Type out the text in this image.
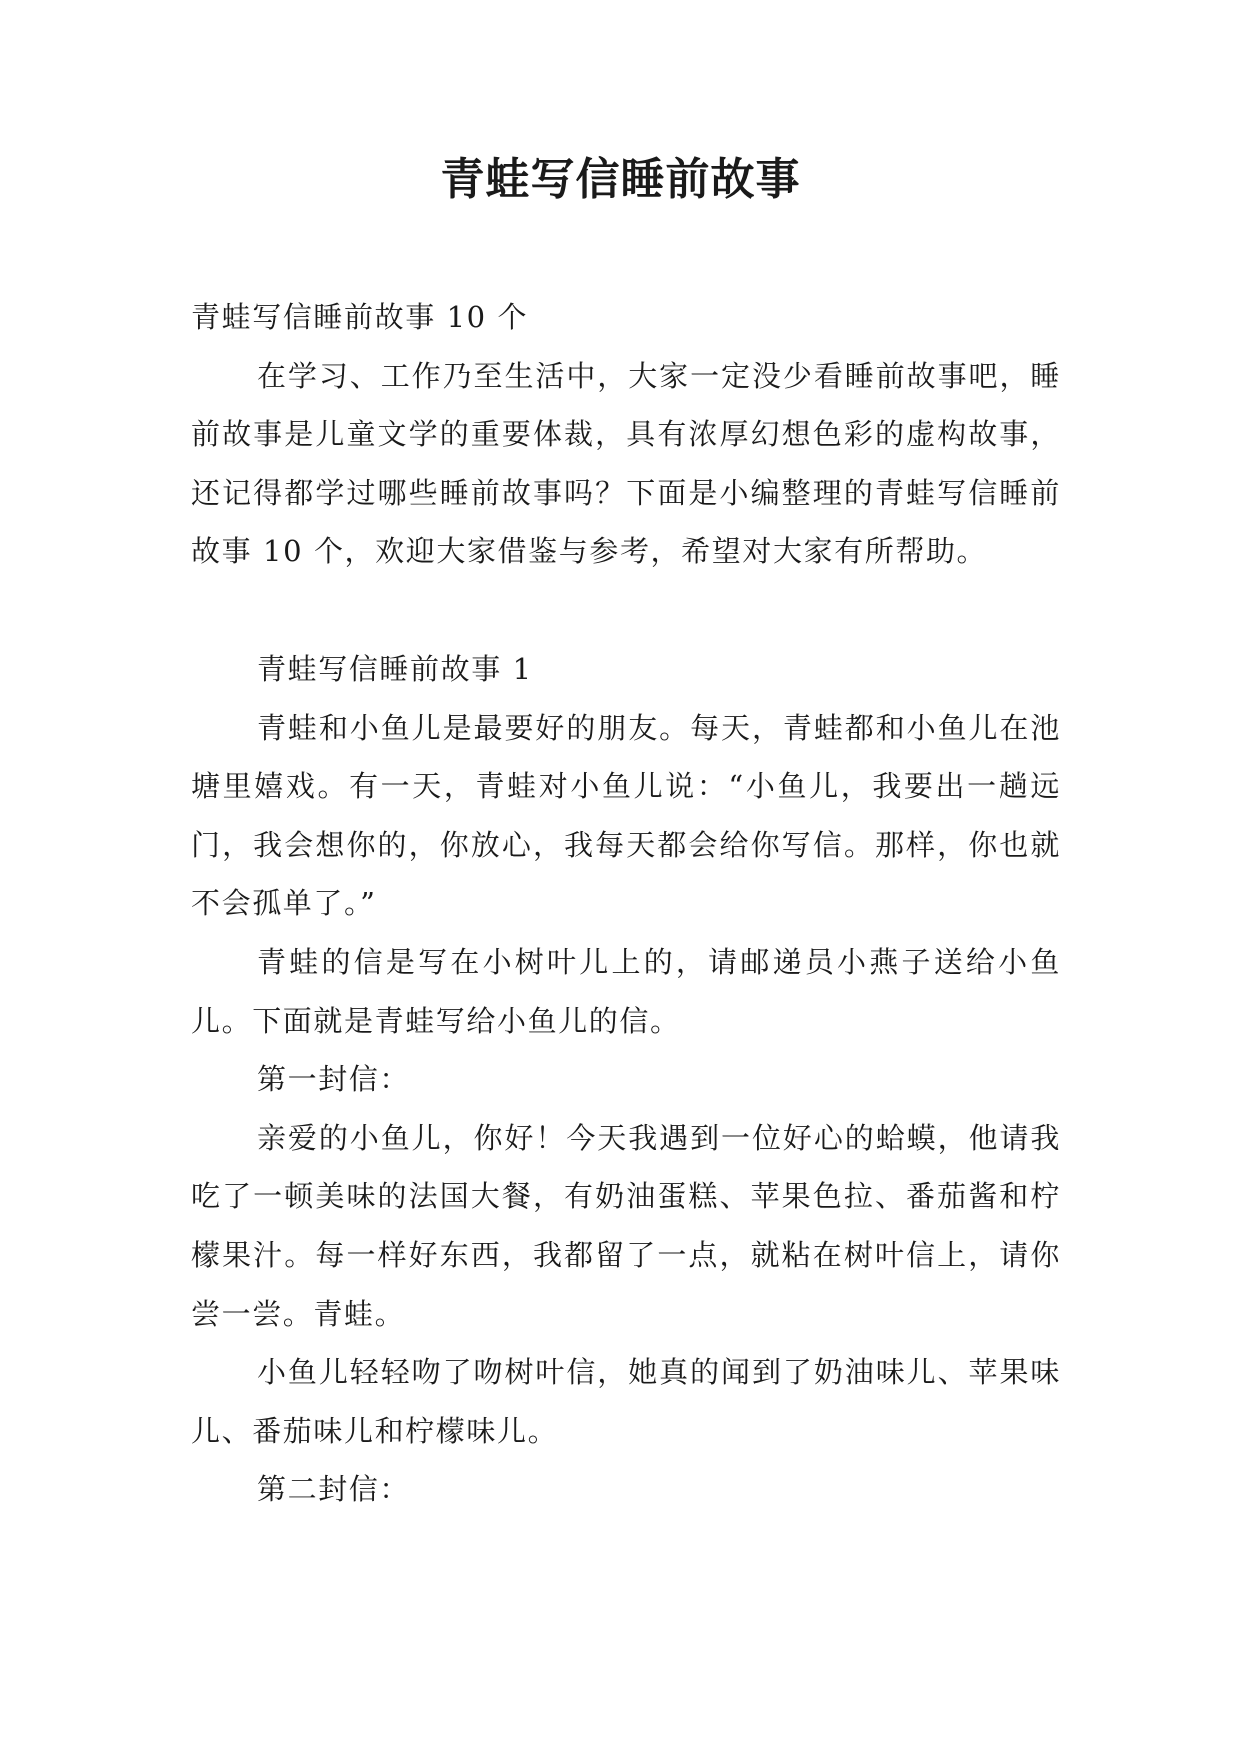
青蛙写信睡前故事

青蛙写信睡前故事 10 个

在学习、工作乃至生活中，大家一定没少看睡前故事吧，睡前故事是儿童文学的重要体裁，具有浓厚幻想色彩的虚构故事，还记得都学过哪些睡前故事吗？下面是小编整理的青蛙写信睡前故事 10 个，欢迎大家借鉴与参考，希望对大家有所帮助。

青蛙写信睡前故事 1

青蛙和小鱼儿是最要好的朋友。每天，青蛙都和小鱼儿在池塘里嬉戏。有一天，青蛙对小鱼儿说：“小鱼儿，我要出一趟远门，我会想你的，你放心，我每天都会给你写信。那样，你也就不会孤单了。”

青蛙的信是写在小树叶儿上的，请邮递员小燕子送给小鱼儿。下面就是青蛙写给小鱼儿的信。

第一封信：

亲爱的小鱼儿，你好！今天我遇到一位好心的蛤蟆，他请我吃了一顿美味的法国大餐，有奶油蛋糕、苹果色拉、番茄酱和柠檬果汁。每一样好东西，我都留了一点，就粘在树叶信上，请你尝一尝。青蛙。

小鱼儿轻轻吻了吻树叶信，她真的闻到了奶油味儿、苹果味儿、番茄味儿和柠檬味儿。

第二封信：
